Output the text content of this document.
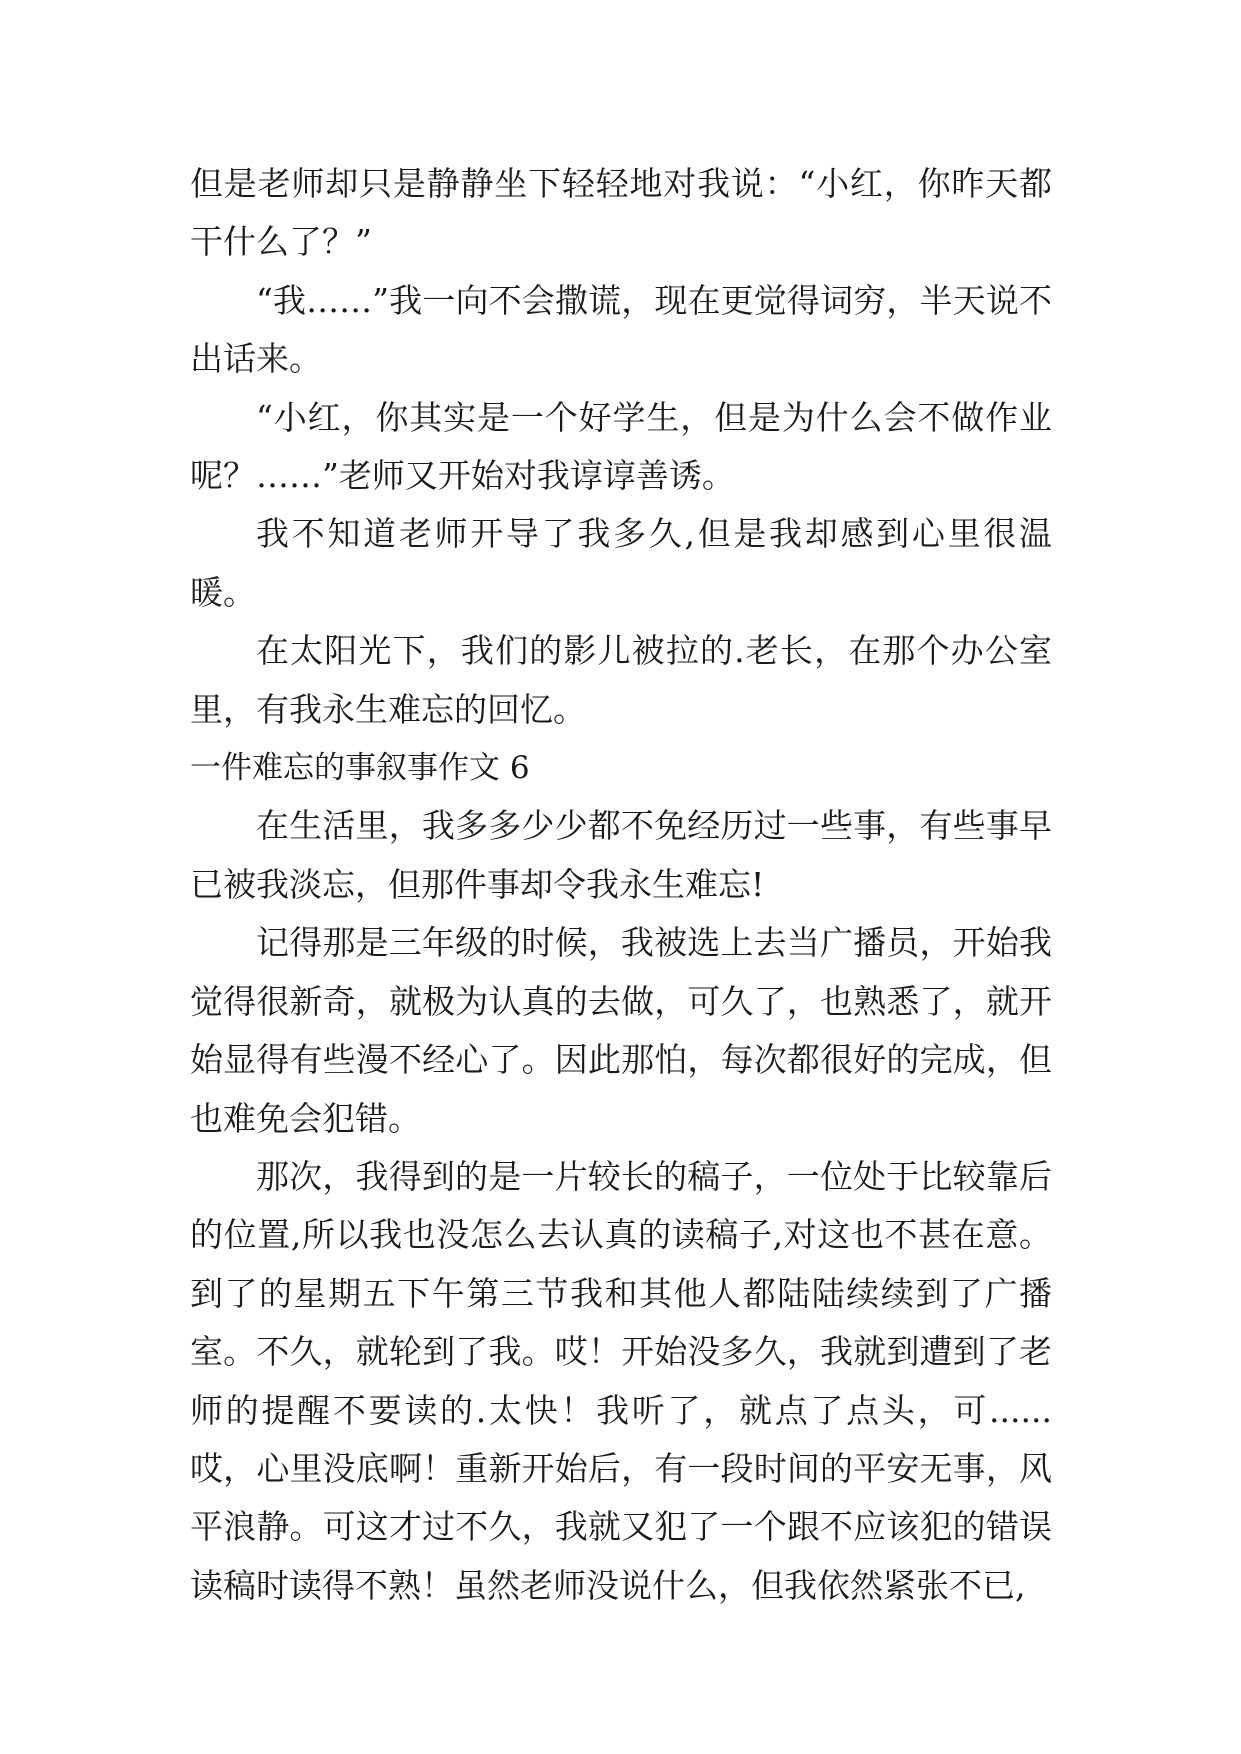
但是老师却只是静静坐下轻轻地对我说：“小红，你昨天都干什么了？”

“我……”我一向不会撒谎，现在更觉得词穷，半天说不出话来。

“小红，你其实是一个好学生，但是为什么会不做作业呢？……”老师又开始对我谆谆善诱。

我不知道老师开导了我多久,但是我却感到心里很温暖。

在太阳光下，我们的影儿被拉的.老长，在那个办公室里，有我永生难忘的回忆。

一件难忘的事叙事作文 6

在生活里，我多多少少都不免经历过一些事，有些事早已被我淡忘，但那件事却令我永生难忘!

记得那是三年级的时候，我被选上去当广播员，开始我觉得很新奇，就极为认真的去做，可久了，也熟悉了，就开始显得有些漫不经心了。因此那怕，每次都很好的完成，但也难免会犯错。

那次，我得到的是一片较长的稿子，一位处于比较靠后的位置,所以我也没怎么去认真的读稿子,对这也不甚在意。到了的星期五下午第三节我和其他人都陆陆续续到了广播室。不久，就轮到了我。哎！开始没多久，我就到遭到了老师的提醒不要读的.太快！我听了，就点了点头，可......哎，心里没底啊！重新开始后，有一段时间的平安无事，风平浪静。可这才过不久，我就又犯了一个跟不应该犯的错误读稿时读得不熟！虽然老师没说什么，但我依然紧张不已,
